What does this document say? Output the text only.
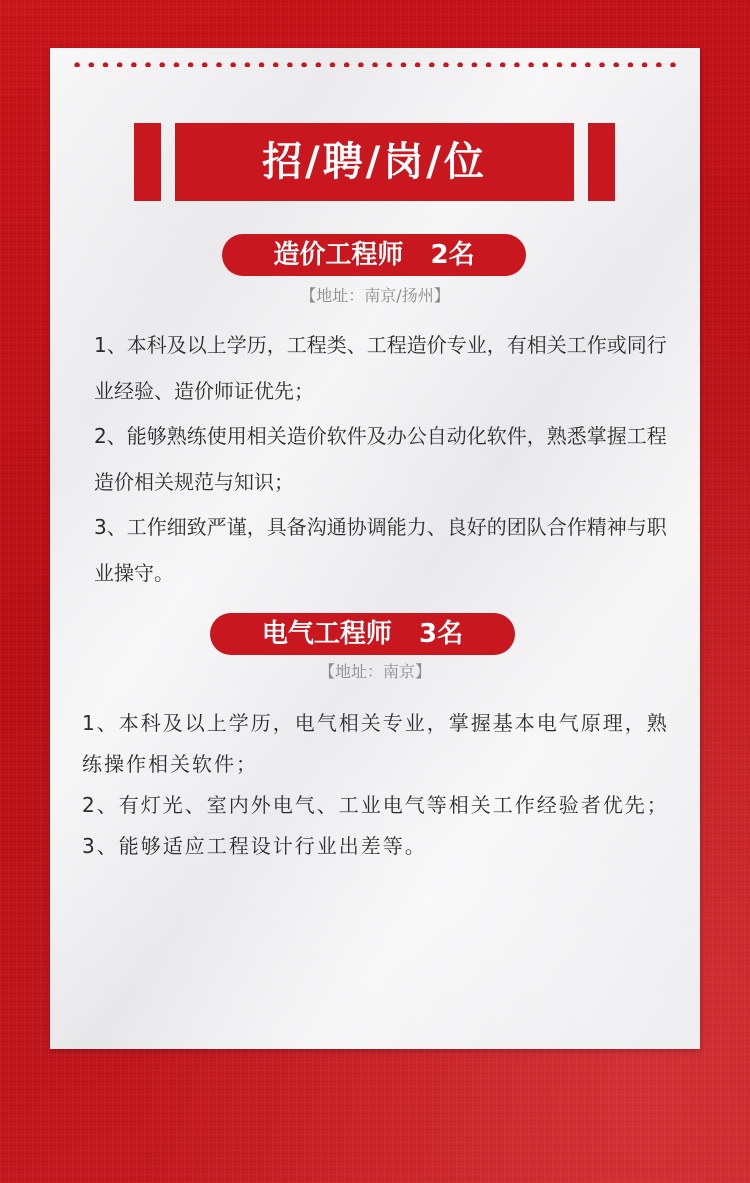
招/聘/岗/位
造价工程师   2名
【地址：南京/扬州】

1、本科及以上学历，工程类、工程造价专业，有相关工作或同行业经验、造价师证优先；

2、能够熟练使用相关造价软件及办公自动化软件，熟悉掌握工程造价相关规范与知识；

3、工作细致严谨，具备沟通协调能力、良好的团队合作精神与职业操守。

电气工程师   3名
【地址：南京】

1、本科及以上学历，电气相关专业，掌握基本电气原理，熟练操作相关软件；

2、有灯光、室内外电气、工业电气等相关工作经验者优先；

3、能够适应工程设计行业出差等。
